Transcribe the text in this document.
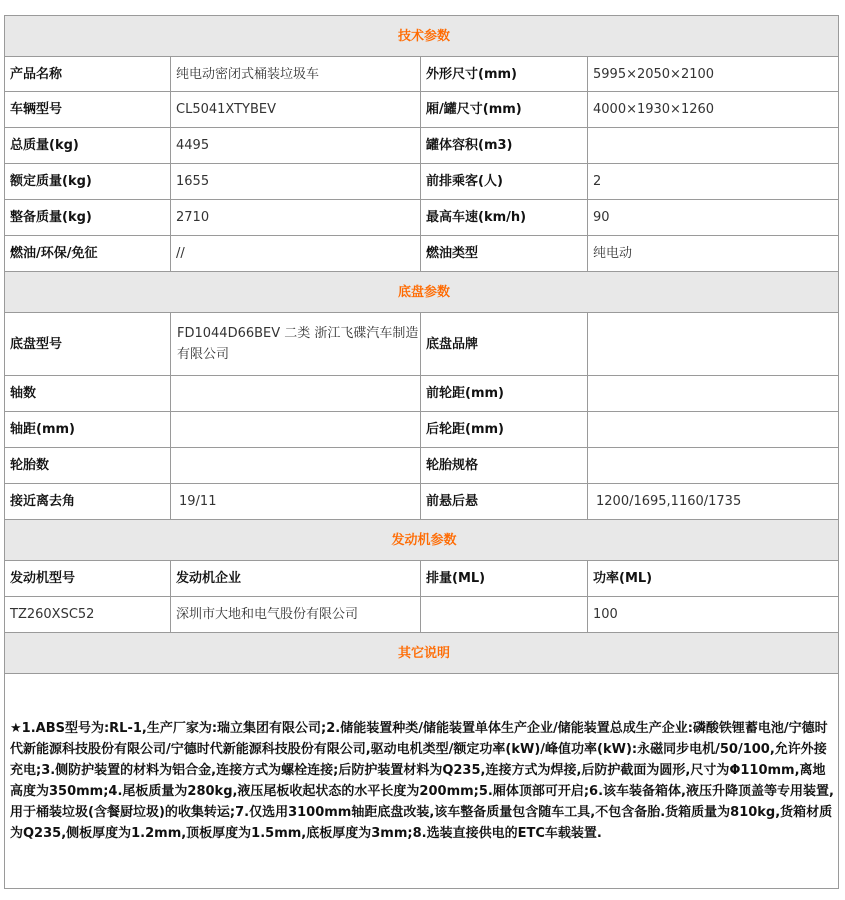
技术参数			
产品名称	纯电动密闭式桶装垃圾车	外形尺寸(mm)	5995×2050×2100
车辆型号	CL5041XTYBEV	厢/罐尺寸(mm)	4000×1930×1260
总质量(kg)	4495	罐体容积(m3)	
额定质量(kg)	1655	前排乘客(人)	2
整备质量(kg)	2710	最高车速(km/h)	90
燃油/环保/免征	//	燃油类型	纯电动
底盘参数			
底盘型号	FD1044D66BEV 二类 浙江飞碟汽车制造有限公司	底盘品牌	
轴数		前轮距(mm)	
轴距(mm)		后轮距(mm)	
轮胎数		轮胎规格	
接近离去角	19/11	前悬后悬	1200/1695,1160/1735
发动机参数			
发动机型号	发动机企业	排量(ML)	功率(ML)
TZ260XSC52	深圳市大地和电气股份有限公司		100
其它说明			
★1.ABS型号为:RL-1,生产厂家为:瑞立集团有限公司;2.储能装置种类/储能装置单体生产企业/储能装置总成生产企业:磷酸铁锂蓄电池/宁德时代新能源科技股份有限公司/宁德时代新能源科技股份有限公司,驱动电机类型/额定功率(kW)/峰值功率(kW):永磁同步电机/50/100,允许外接充电;3.侧防护装置的材料为铝合金,连接方式为螺栓连接;后防护装置材料为Q235,连接方式为焊接,后防护截面为圆形,尺寸为Φ110mm,离地高度为350mm;4.尾板质量为280kg,液压尾板收起状态的水平长度为200mm;5.厢体顶部可开启;6.该车装备箱体,液压升降顶盖等专用装置,用于桶装垃圾(含餐厨垃圾)的收集转运;7.仅选用3100mm轴距底盘改装,该车整备质量包含随车工具,不包含备胎.货箱质量为810kg,货箱材质为Q235,侧板厚度为1.2mm,顶板厚度为1.5mm,底板厚度为3mm;8.选装直接供电的ETC车载装置.			
